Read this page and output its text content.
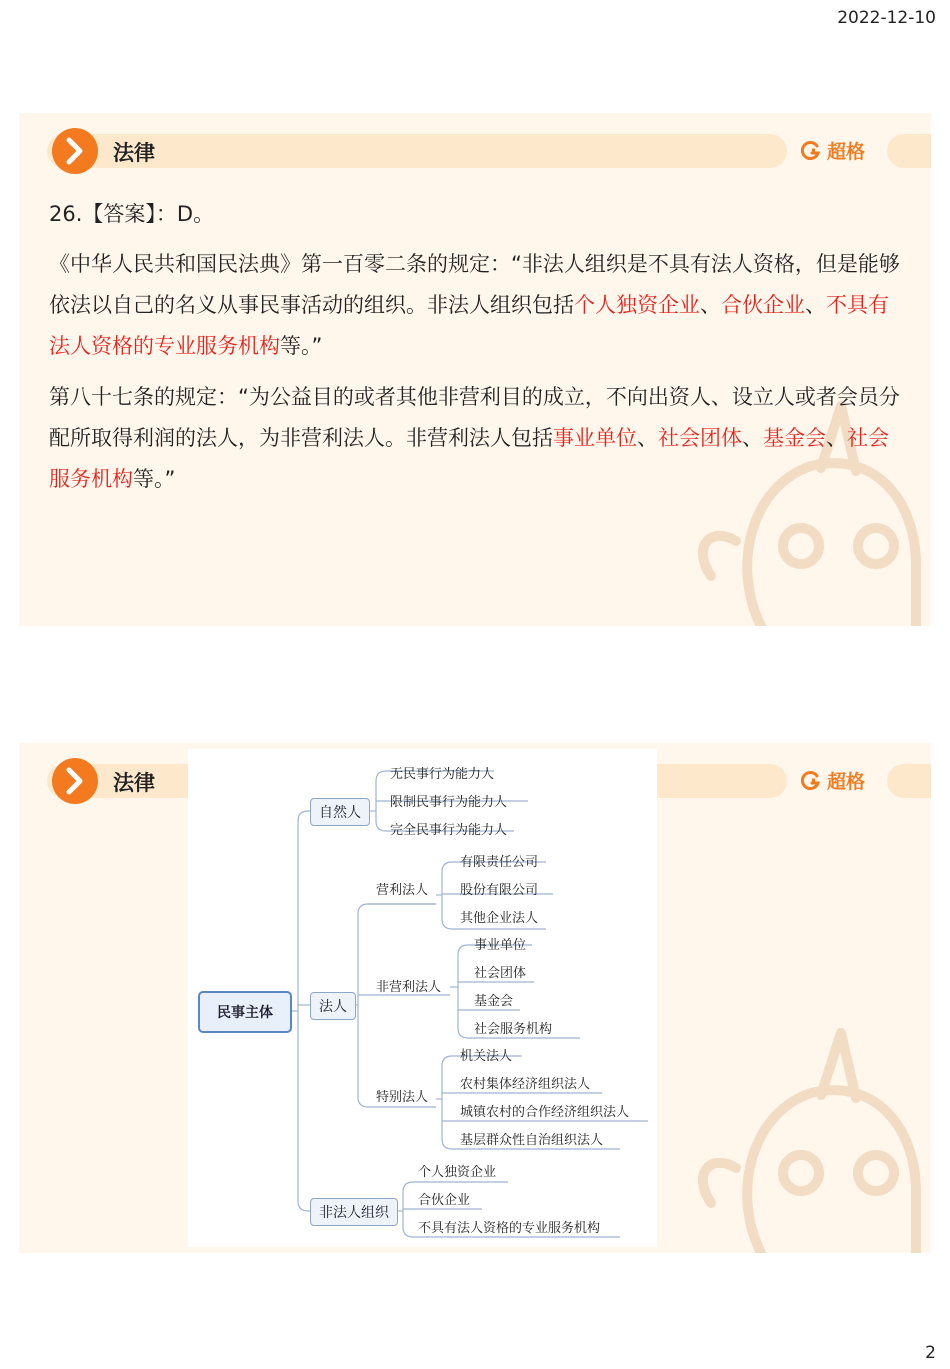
2022-12-10
法律	超格
26.【答案】：D。
《中华人民共和国民法典》第一百零二条的规定：“非法人组织是不具有法人资格，但是能够依法以自己的名义从事民事活动的组织。非法人组织包括个人独资企业、合伙企业、不具有法人资格的专业服务机构等。”
第八十七条的规定：“为公益目的或者其他非营利目的成立，不向出资人、设立人或者会员分配所取得利润的法人，为非营利法人。非营利法人包括事业单位、社会团体、基金会、社会服务机构等。”
法律	超格
民事主体
自然人
无民事行为能力人
限制民事行为能力人
完全民事行为能力人
法人
营利法人
有限责任公司
股份有限公司
其他企业法人
非营利法人
事业单位
社会团体
基金会
社会服务机构
特别法人
机关法人
农村集体经济组织法人
城镇农村的合作经济组织法人
基层群众性自治组织法人
非法人组织
个人独资企业
合伙企业
不具有法人资格的专业服务机构
2
